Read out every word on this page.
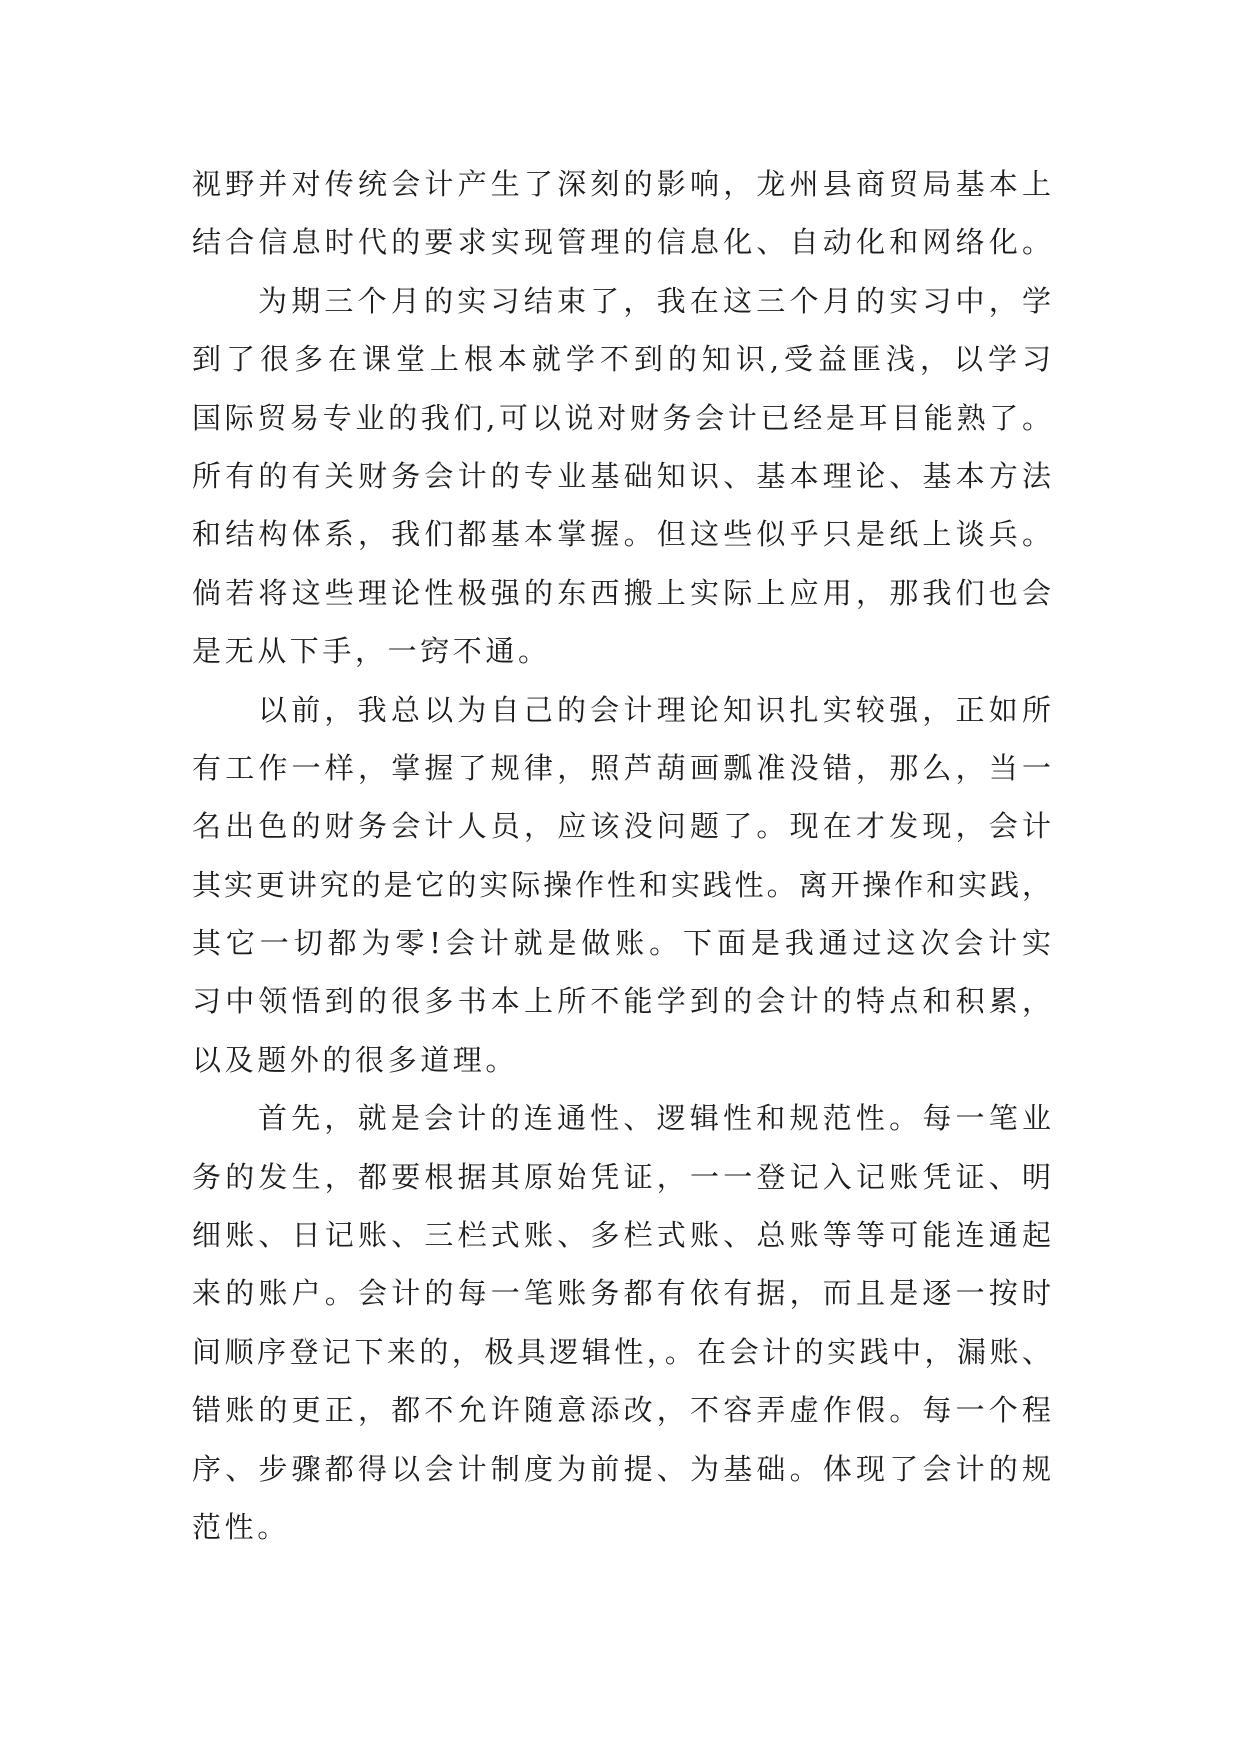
视野并对传统会计产生了深刻的影响，龙州县商贸局基本上
结合信息时代的要求实现管理的信息化、自动化和网络化。
为期三个月的实习结束了，我在这三个月的实习中，学
到了很多在课堂上根本就学不到的知识,受益匪浅，以学习
国际贸易专业的我们,可以说对财务会计已经是耳目能熟了。
所有的有关财务会计的专业基础知识、基本理论、基本方法
和结构体系，我们都基本掌握。但这些似乎只是纸上谈兵。
倘若将这些理论性极强的东西搬上实际上应用，那我们也会
是无从下手，一窍不通。
以前，我总以为自己的会计理论知识扎实较强，正如所
有工作一样，掌握了规律，照芦葫画瓢准没错，那么，当一
名出色的财务会计人员，应该没问题了。现在才发现，会计
其实更讲究的是它的实际操作性和实践性。离开操作和实践，
其它一切都为零!会计就是做账。下面是我通过这次会计实
习中领悟到的很多书本上所不能学到的会计的特点和积累，
以及题外的很多道理。
首先，就是会计的连通性、逻辑性和规范性。每一笔业
务的发生，都要根据其原始凭证，一一登记入记账凭证、明
细账、日记账、三栏式账、多栏式账、总账等等可能连通起
来的账户。会计的每一笔账务都有依有据，而且是逐一按时
间顺序登记下来的，极具逻辑性，。在会计的实践中，漏账、
错账的更正，都不允许随意添改，不容弄虚作假。每一个程
序、步骤都得以会计制度为前提、为基础。体现了会计的规
范性。
